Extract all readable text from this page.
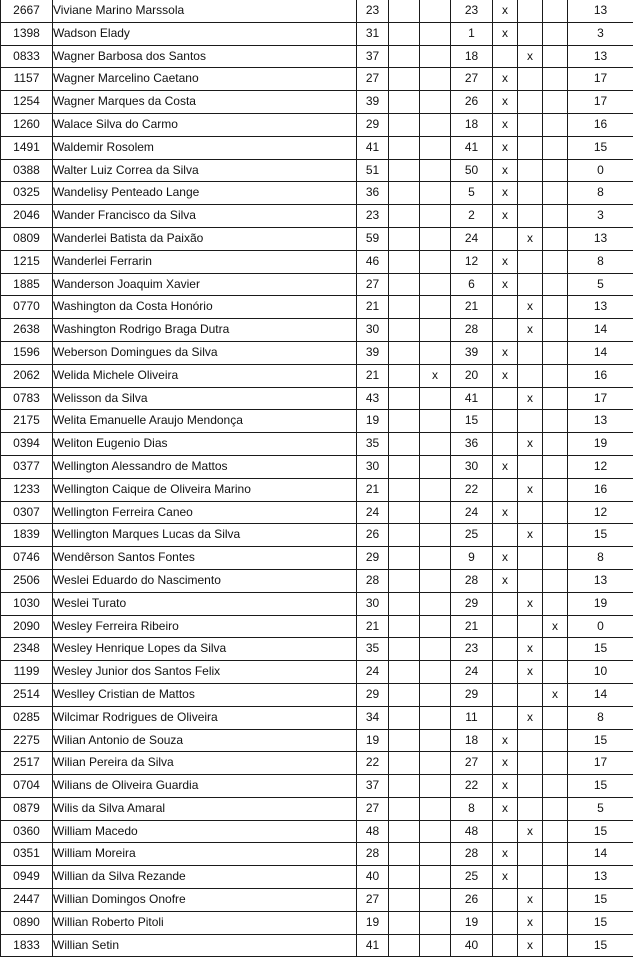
2667	Viviane Marino Marssola	23			23	x			13
1398	Wadson Elady	31			1	x			3
0833	Wagner Barbosa dos Santos	37			18		x		13
1157	Wagner Marcelino Caetano	27			27	x			17
1254	Wagner Marques da Costa	39			26	x			17
1260	Walace Silva do Carmo	29			18	x			16
1491	Waldemir Rosolem	41			41	x			15
0388	Walter Luiz Correa da Silva	51			50	x			0
0325	Wandelisy Penteado Lange	36			5	x			8
2046	Wander Francisco da Silva	23			2	x			3
0809	Wanderlei Batista da Paixão	59			24		x		13
1215	Wanderlei Ferrarin	46			12	x			8
1885	Wanderson Joaquim Xavier	27			6	x			5
0770	Washington da Costa Honório	21			21		x		13
2638	Washington Rodrigo Braga Dutra	30			28		x		14
1596	Weberson Domingues da Silva	39			39	x			14
2062	Welida Michele Oliveira	21		x	20	x			16
0783	Welisson da Silva	43			41		x		17
2175	Welita Emanuelle Araujo Mendonça	19			15				13
0394	Weliton Eugenio Dias	35			36		x		19
0377	Wellington Alessandro de Mattos	30			30	x			12
1233	Wellington Caique de Oliveira Marino	21			22		x		16
0307	Wellington Ferreira Caneo	24			24	x			12
1839	Wellington Marques Lucas da Silva	26			25		x		15
0746	Wendêrson Santos Fontes	29			9	x			8
2506	Weslei Eduardo do Nascimento	28			28	x			13
1030	Weslei Turato	30			29		x		19
2090	Wesley Ferreira Ribeiro	21			21			x	0
2348	Wesley Henrique Lopes da Silva	35			23		x		15
1199	Wesley Junior dos Santos Felix	24			24		x		10
2514	Weslley Cristian de Mattos	29			29			x	14
0285	Wilcimar Rodrigues de Oliveira	34			11		x		8
2275	Wilian Antonio de Souza	19			18	x			15
2517	Wilian Pereira da Silva	22			27	x			17
0704	Wilians de Oliveira Guardia	37			22	x			15
0879	Wilis da Silva Amaral	27			8	x			5
0360	William Macedo	48			48		x		15
0351	William Moreira	28			28	x			14
0949	Willian da Silva Rezande	40			25	x			13
2447	Willian Domingos Onofre	27			26		x		15
0890	Willian Roberto Pitoli	19			19		x		15
1833	Willian Setin	41			40		x		15
